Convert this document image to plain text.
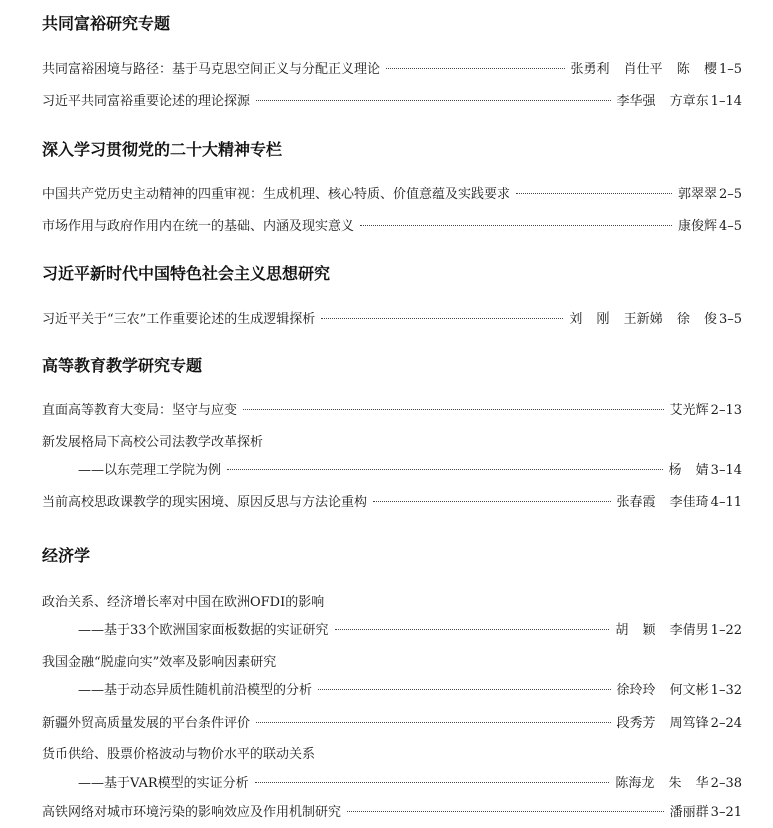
共同富裕研究专题
共同富裕困境与路径：基于马克思空间正义与分配正义理论	张勇利 肖仕平 陈 樱 1–5
习近平共同富裕重要论述的理论探源	李华强 方章东 1–14
深入学习贯彻党的二十大精神专栏
中国共产党历史主动精神的四重审视：生成机理、核心特质、价值意蕴及实践要求	郭翠翠 2–5
市场作用与政府作用内在统一的基础、内涵及现实意义	康俊辉 4–5
习近平新时代中国特色社会主义思想研究
习近平关于“三农”工作重要论述的生成逻辑探析	刘 刚 王新娣 徐 俊 3–5
高等教育教学研究专题
直面高等教育大变局：坚守与应变	艾光辉 2–13
新发展格局下高校公司法教学改革探析
——以东莞理工学院为例	杨 婧 3–14
当前高校思政课教学的现实困境、原因反思与方法论重构	张春霞 李佳琦 4–11
经济学
政治关系、经济增长率对中国在欧洲OFDI的影响
——基于33个欧洲国家面板数据的实证研究	胡 颖 李倩男 1–22
我国金融“脱虚向实”效率及影响因素研究
——基于动态异质性随机前沿模型的分析	徐玲玲 何文彬 1–32
新疆外贸高质量发展的平台条件评价	段秀芳 周笃锋 2–24
货币供给、股票价格波动与物价水平的联动关系
——基于VAR模型的实证分析	陈海龙 朱 华 2–38
高铁网络对城市环境污染的影响效应及作用机制研究	潘丽群 3–21
